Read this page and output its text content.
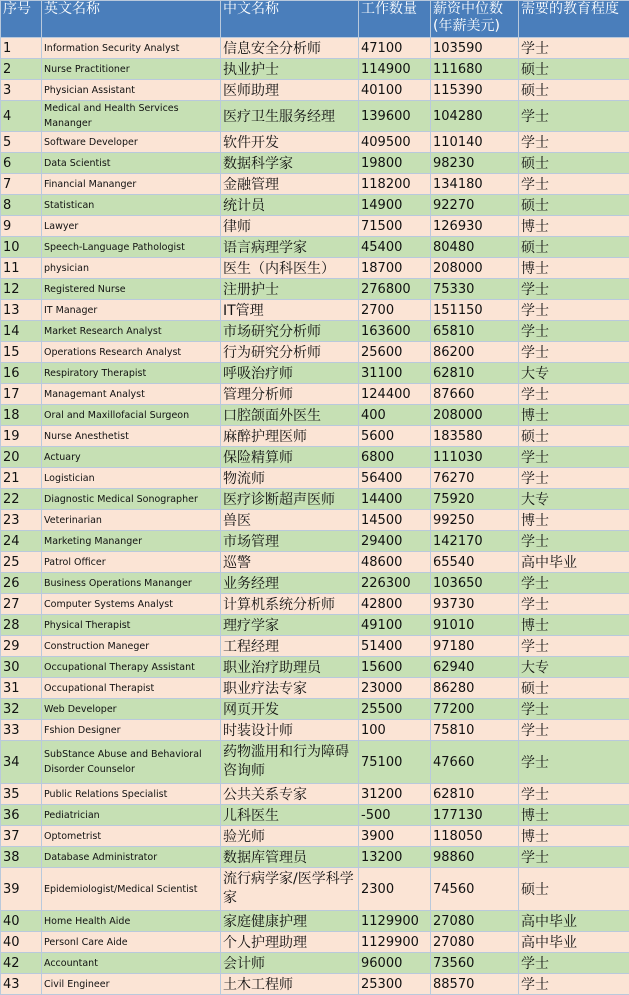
序号	英文名称	中文名称	工作数量	薪资中位数(年薪美元)	需要的教育程度
1	Information Security Analyst	信息安全分析师	47100	103590	学士
2	Nurse Practitioner	执业护士	114900	111680	硕士
3	Physician Assistant	医师助理	40100	115390	硕士
4	Medical and Health Services Mananger	医疗卫生服务经理	139600	104280	学士
5	Software Developer	软件开发	409500	110140	学士
6	Data Scientist	数据科学家	19800	98230	硕士
7	Financial Mananger	金融管理	118200	134180	学士
8	Statistican	统计员	14900	92270	硕士
9	Lawyer	律师	71500	126930	博士
10	Speech-Language Pathologist	语言病理学家	45400	80480	硕士
11	physician	医生（内科医生）	18700	208000	博士
12	Registered Nurse	注册护士	276800	75330	学士
13	IT Manager	IT管理	2700	151150	学士
14	Market Research Analyst	市场研究分析师	163600	65810	学士
15	Operations Research Analyst	行为研究分析师	25600	86200	学士
16	Respiratory Therapist	呼吸治疗师	31100	62810	大专
17	Managemant Analyst	管理分析师	124400	87660	学士
18	Oral and Maxillofacial Surgeon	口腔颌面外医生	400	208000	博士
19	Nurse Anesthetist	麻醉护理医师	5600	183580	硕士
20	Actuary	保险精算师	6800	111030	学士
21	Logistician	物流师	56400	76270	学士
22	Diagnostic Medical Sonographer	医疗诊断超声医师	14400	75920	大专
23	Veterinarian	兽医	14500	99250	博士
24	Marketing Mananger	市场管理	29400	142170	学士
25	Patrol Officer	巡警	48600	65540	高中毕业
26	Business Operations Mananger	业务经理	226300	103650	学士
27	Computer Systems Analyst	计算机系统分析师	42800	93730	学士
28	Physical Therapist	理疗学家	49100	91010	博士
29	Construction Maneger	工程经理	51400	97180	学士
30	Occupational Therapy Assistant	职业治疗助理员	15600	62940	大专
31	Occupational Therapist	职业疗法专家	23000	86280	硕士
32	Web Developer	网页开发	25500	77200	学士
33	Fshion Designer	时装设计师	100	75810	学士
34	SubStance Abuse and Behavioral Disorder Counselor	药物滥用和行为障碍咨询师	75100	47660	学士
35	Public Relations Specialist	公共关系专家	31200	62810	学士
36	Pediatrician	儿科医生	-500	177130	博士
37	Optometrist	验光师	3900	118050	博士
38	Database Administrator	数据库管理员	13200	98860	学士
39	Epidemiologist/Medical Scientist	流行病学家/医学科学家	2300	74560	硕士
40	Home Health Aide	家庭健康护理	1129900	27080	高中毕业
40	Personl Care Aide	个人护理助理	1129900	27080	高中毕业
42	Accountant	会计师	96000	73560	学士
43	Civil Engineer	土木工程师	25300	88570	学士
